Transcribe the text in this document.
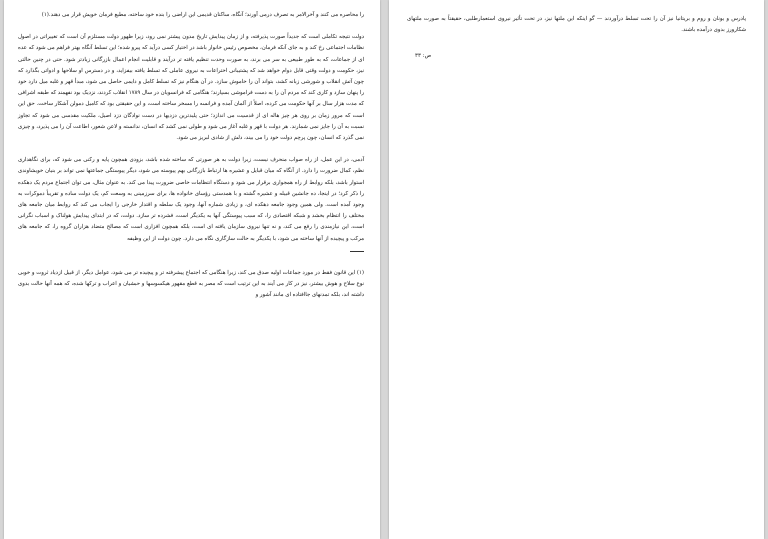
را محاصره می کنند و آخرالامر به تصرف درمی آورند؛ آنگاه، ساکنان قدیمی این اراضی را بنده خود ساخته، مطیع فرمان خویش قرار می دهند.(۱)

دولت نتیجه تکاملی است که جدیداً صورت پذیرفته، و از زمان پیدایش تاریخ مدون پیشتر نمی رود، زیرا ظهور دولت مستلزم آن است که تغییراتی در اصول نظامات اجتماعی رخ کند و به جای آنکه فرمان، مخصوص رئیس خانوار باشد در اختیار کسی درآید که پیرو شده؛ این تسلط آنگاه بهتر فراهم می شود که عده ای از جماعات، که به طور طبیعی به سر می برند، به صورت وحدت تنظیم یافته تر درآیند و قابلیت انجام اعمال بازرگانی زیادتر شود. حتی در چنین حالتی نیز، حکومت و دولت وقتی قابل دوام خواهد شد که پشتیبانی اختراعات به نیروی عاملی که تسلط یافته بیفزاید، و در دسترس او سلاحها و ادواتی بگذارد که چون آتش انقلاب و شورشی زبانه کشد، بتواند آن را خاموش سازد. در آن هنگام نیز که تسلط کامل و دایمی حاصل می شود، مبدأ قهر و غلبه میل دارد خود را پنهان سازد و کاری کند که مردم آن را به دست فراموشی بسپارند؛ هنگامی که فرانسویان در سال ۱۷۸۹ انقلاب کردند، نزدیک بود نفهمند که طبقه اشرافی که مدت هزار سال بر آنها حکومت می کرده، اصلاً از آلمان آمده و فرانسه را مسخر ساخته است، و این حقیقتی بود که کامیل دمولن آشکار ساخت. حق این است که مرور زمان بر روی هر چیز هاله ای از قدسیت می اندازد؛ حتی پلیدترین دزدیها در دست نوادگان دزد اصیل، ملکیت مقدسی می شود که تجاوز نسبت به آن را جایز نمی شمارند. هر دولت با قهر و غلبه آغاز می شود و طولی نمی کشد که انسان، ندانسته و لاعن شعور، اطاعت آن را می پذیرد، و چیزی نمی گذرد که انسان، چون پرچم دولت خود را می بیند، دلش از شادی لبریز می شود.

آدمی، در این عمل، از راه صواب منحرف نیست، زیرا دولت به هر صورتی که ساخته شده باشد، بزودی همچون پایه و رکنی می شود که، برای نگاهداری نظم، کمال ضرورت را دارد. از آنگاه که میان قبایل و عشیره ها ارتباط بازرگانی بهم پیوسته می شود، دیگر پیوستگی جماعتها نمی تواند بر بنیان خویشاوندی استوار باشد، بلکه روابط از راه همجواری برقرار می شود و دستگاه انتظامات خاصی ضرورت پیدا می کند. به عنوان مثال، می توان اجتماع مردم یک دهکده را ذکر کرد؛ در اینجا، ده جانشین قبیله و عشیره گشته و با همدستی رؤسای خانواده ها، برای سرزمینی به وسعت کم، یک دولت ساده و تقریباً دموکرات به وجود آمده است. ولی همین وجود جامعه دهکده ای، و زیادی شماره آنها، وجود یک سلطه و اقتدار خارجی را ایجاب می کند که روابط میان جامعه های مختلف را انتظام بخشد و شبکه اقتصادی را، که سبب پیوستگی آنها به یکدیگر است، فشرده تر سازد. دولت، که در ابتدای پیدایش هولناک و اسباب نگرانی است، این نیازمندی را رفع می کند، و نه تنها نیروی سازمان یافته ای است، بلکه همچون افزاری است که مصالح متضاد هزاران گروه را، که جامعه های مرکب و پیچیده از آنها ساخته می شود، با یکدیگر به حالت سازگاری نگاه می دارد. چون دولت از این وظیفه

(۱) این قانون فقط در مورد جماعات اولیه صدق می کند، زیرا هنگامی که اجتماع پیشرفته تر و پیچیده تر می شود، عوامل دیگر، از قبیل ازدیاد ثروت و خوبی نوع سلاح و هوش بیشتر، نیز در کار می آیند به این ترتیب است که مصر به قطع مقهور هیکسوسها و حبشیان و اعراب و ترکها شده، که همه آنها حالت بدوی داشته اند، بلکه تمدنهای جاافتاده ای مانند آشور و

پادرس و یونان و روم و بریتانیا نیز آن را تحت تسلط درآوردند — گو اینکه این ملتها نیز، در تحت تأثیر نیروی استعمارطلبی، حقیقتاً به صورت ملتهای شکارورز بدوی درآمده باشند.

ص: ۳۳
